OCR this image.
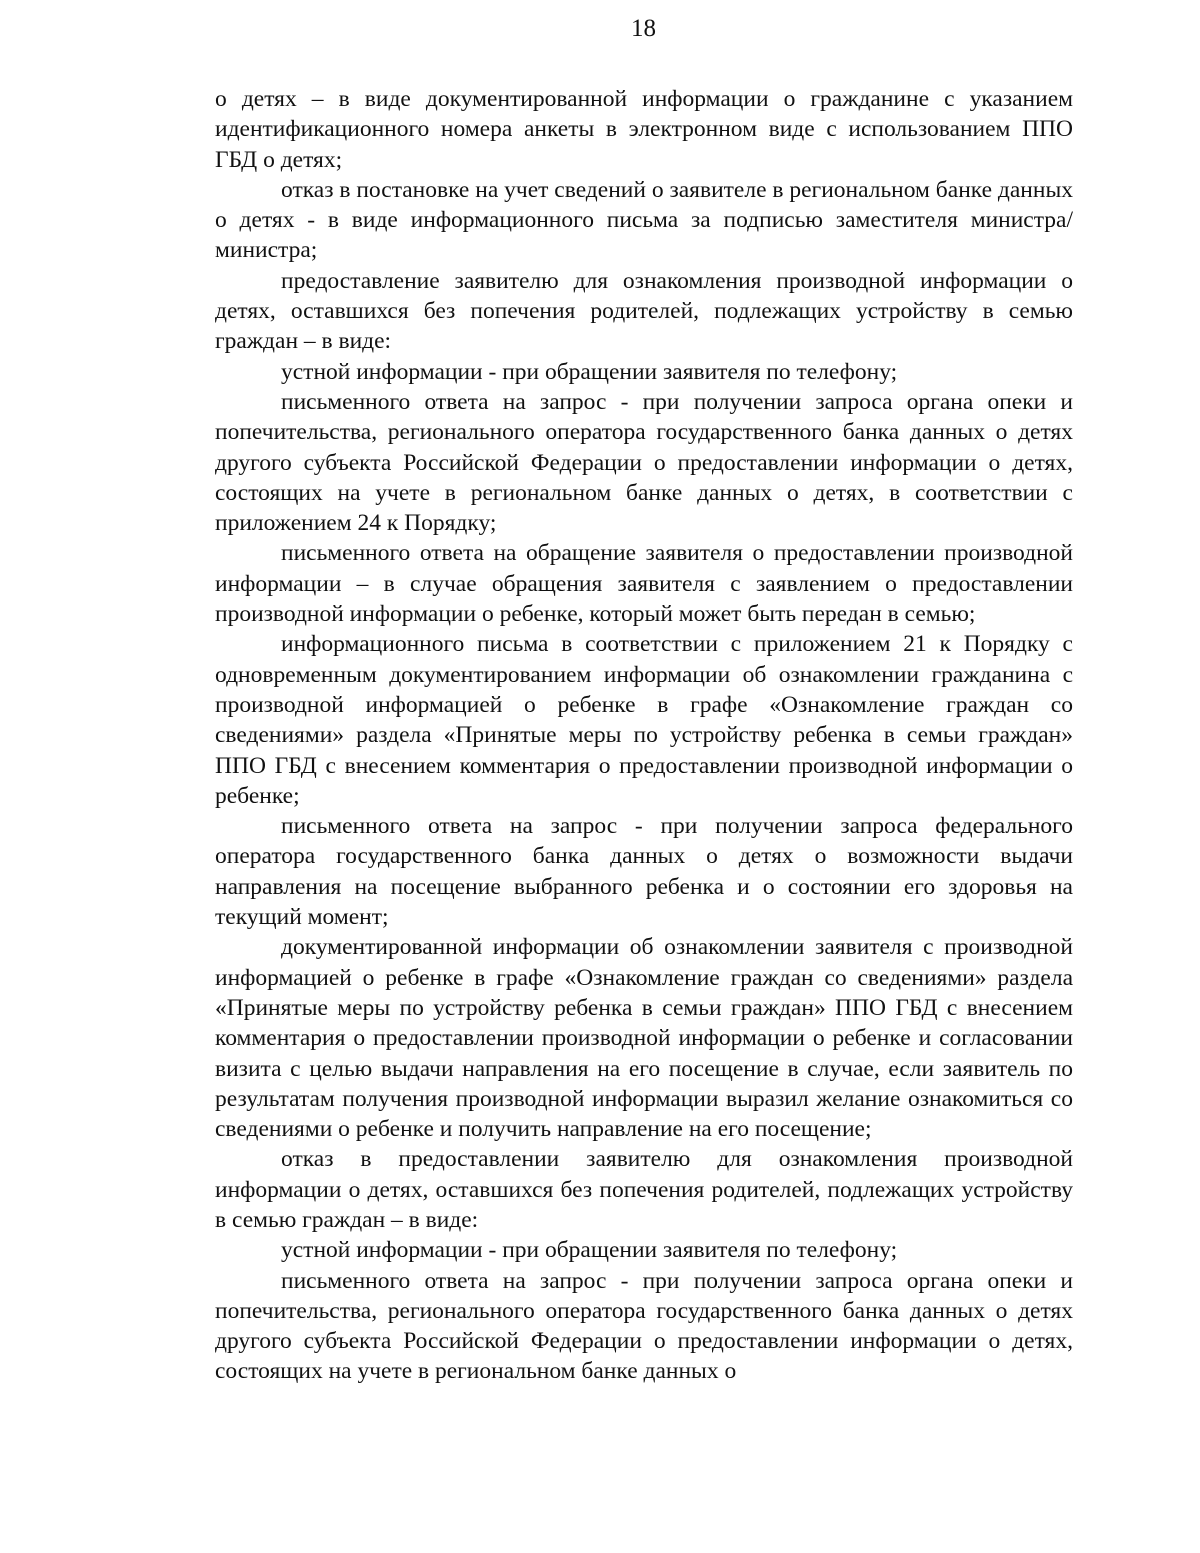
18

о детях – в виде документированной информации о гражданине с указанием идентификационного номера анкеты в электронном виде с использованием ППО ГБД о детях;

отказ в постановке на учет сведений о заявителе в региональном банке данных о детях - в виде информационного письма за подписью заместителя министра/министра;

предоставление заявителю для ознакомления производной информации о детях, оставшихся без попечения родителей, подлежащих устройству в семью граждан – в виде:

устной информации - при обращении заявителя по телефону;

письменного ответа на запрос - при получении запроса органа опеки и попечительства, регионального оператора государственного банка данных о детях другого субъекта Российской Федерации о предоставлении информации о детях, состоящих на учете в региональном банке данных о детях, в соответствии с приложением 24 к Порядку;

письменного ответа на обращение заявителя о предоставлении производной информации – в случае обращения заявителя с заявлением о предоставлении производной информации о ребенке, который может быть передан в семью;

информационного письма в соответствии с приложением 21 к Порядку с одновременным документированием информации об ознакомлении гражданина с производной информацией о ребенке в графе «Ознакомление граждан со сведениями» раздела «Принятые меры по устройству ребенка в семьи граждан» ППО ГБД с внесением комментария о предоставлении производной информации о ребенке;

письменного ответа на запрос - при получении запроса федерального оператора государственного банка данных о детях о возможности выдачи направления на посещение выбранного ребенка и о состоянии его здоровья на текущий момент;

документированной информации об ознакомлении заявителя с производной информацией о ребенке в графе «Ознакомление граждан со сведениями» раздела «Принятые меры по устройству ребенка в семьи граждан» ППО ГБД с внесением комментария о предоставлении производной информации о ребенке и согласовании визита с целью выдачи направления на его посещение в случае, если заявитель по результатам получения производной информации выразил желание ознакомиться со сведениями о ребенке и получить направление на его посещение;

отказ в предоставлении заявителю для ознакомления производной информации о детях, оставшихся без попечения родителей, подлежащих устройству в семью граждан – в виде:

устной информации - при обращении заявителя по телефону;

письменного ответа на запрос - при получении запроса органа опеки и попечительства, регионального оператора государственного банка данных о детях другого субъекта Российской Федерации о предоставлении информации о детях, состоящих на учете в региональном банке данных о
